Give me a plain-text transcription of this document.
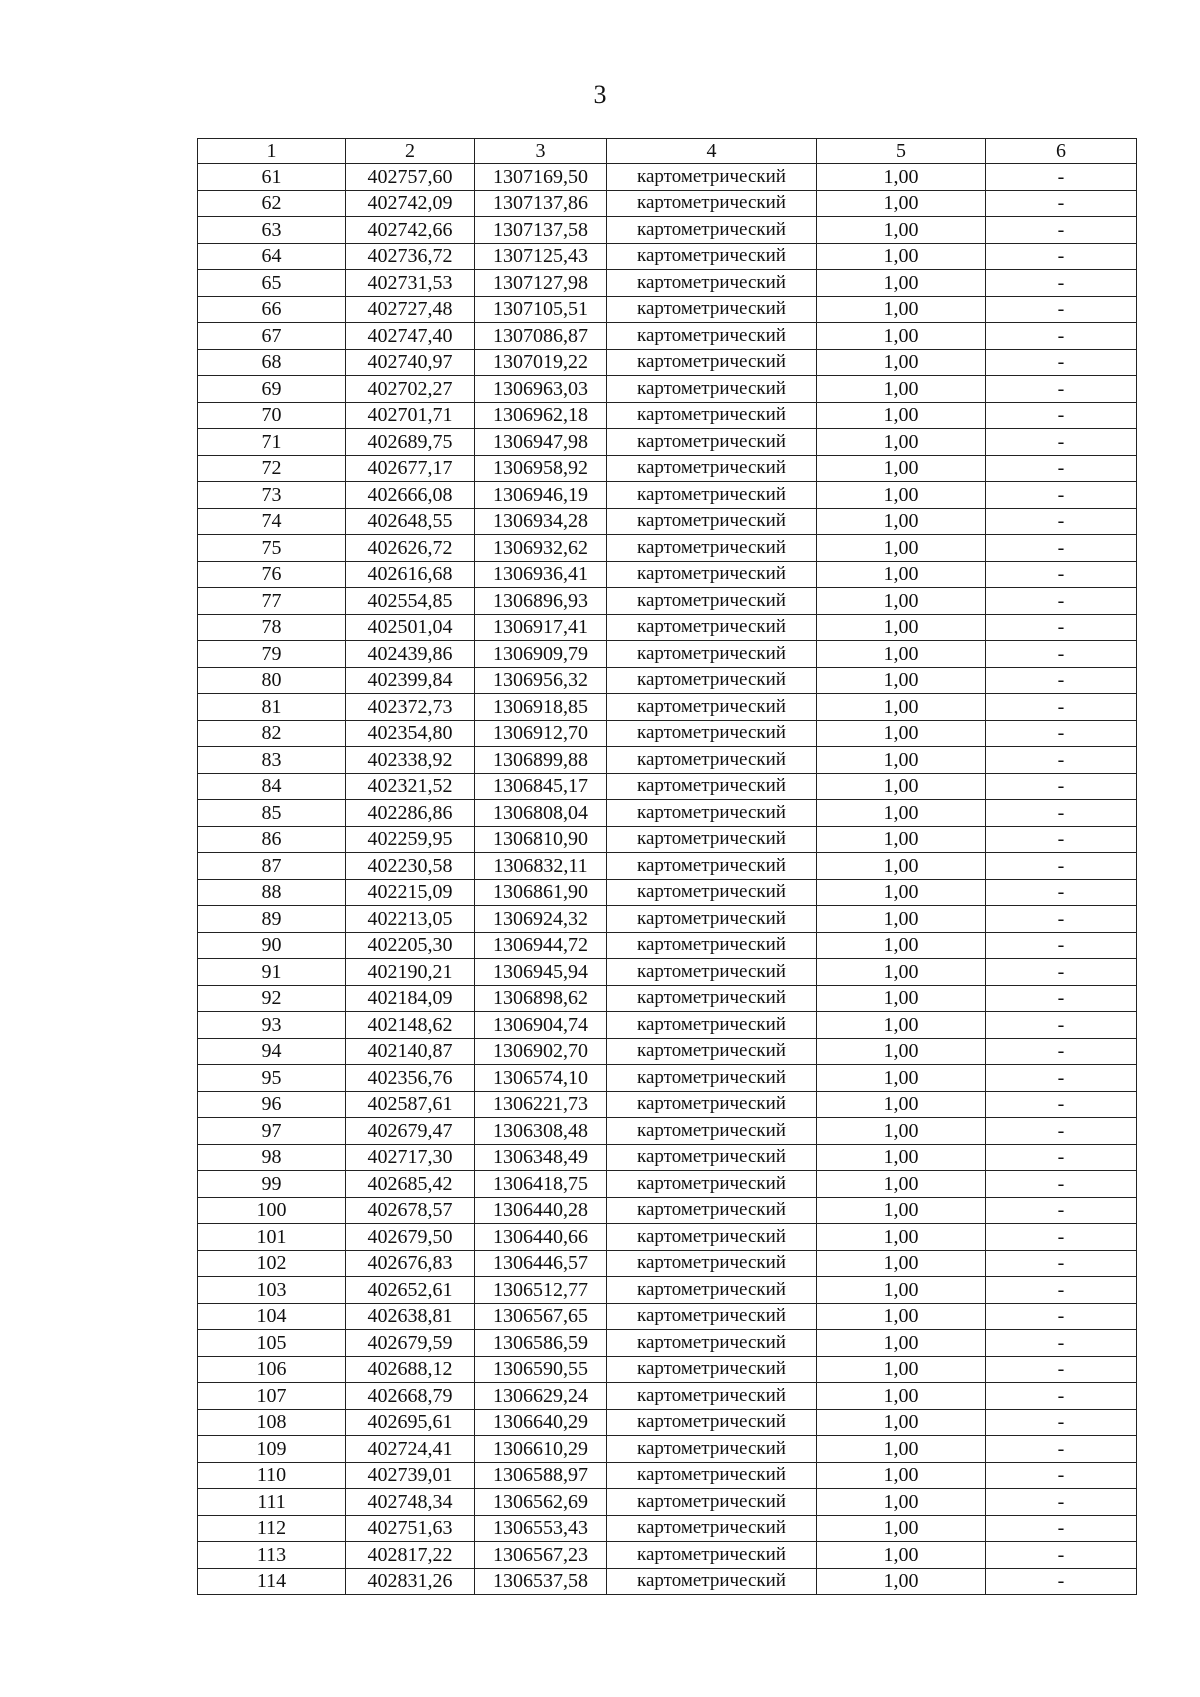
3
1	2	3	4	5	6
61	402757,60	1307169,50	картометрический	1,00	-
62	402742,09	1307137,86	картометрический	1,00	-
63	402742,66	1307137,58	картометрический	1,00	-
64	402736,72	1307125,43	картометрический	1,00	-
65	402731,53	1307127,98	картометрический	1,00	-
66	402727,48	1307105,51	картометрический	1,00	-
67	402747,40	1307086,87	картометрический	1,00	-
68	402740,97	1307019,22	картометрический	1,00	-
69	402702,27	1306963,03	картометрический	1,00	-
70	402701,71	1306962,18	картометрический	1,00	-
71	402689,75	1306947,98	картометрический	1,00	-
72	402677,17	1306958,92	картометрический	1,00	-
73	402666,08	1306946,19	картометрический	1,00	-
74	402648,55	1306934,28	картометрический	1,00	-
75	402626,72	1306932,62	картометрический	1,00	-
76	402616,68	1306936,41	картометрический	1,00	-
77	402554,85	1306896,93	картометрический	1,00	-
78	402501,04	1306917,41	картометрический	1,00	-
79	402439,86	1306909,79	картометрический	1,00	-
80	402399,84	1306956,32	картометрический	1,00	-
81	402372,73	1306918,85	картометрический	1,00	-
82	402354,80	1306912,70	картометрический	1,00	-
83	402338,92	1306899,88	картометрический	1,00	-
84	402321,52	1306845,17	картометрический	1,00	-
85	402286,86	1306808,04	картометрический	1,00	-
86	402259,95	1306810,90	картометрический	1,00	-
87	402230,58	1306832,11	картометрический	1,00	-
88	402215,09	1306861,90	картометрический	1,00	-
89	402213,05	1306924,32	картометрический	1,00	-
90	402205,30	1306944,72	картометрический	1,00	-
91	402190,21	1306945,94	картометрический	1,00	-
92	402184,09	1306898,62	картометрический	1,00	-
93	402148,62	1306904,74	картометрический	1,00	-
94	402140,87	1306902,70	картометрический	1,00	-
95	402356,76	1306574,10	картометрический	1,00	-
96	402587,61	1306221,73	картометрический	1,00	-
97	402679,47	1306308,48	картометрический	1,00	-
98	402717,30	1306348,49	картометрический	1,00	-
99	402685,42	1306418,75	картометрический	1,00	-
100	402678,57	1306440,28	картометрический	1,00	-
101	402679,50	1306440,66	картометрический	1,00	-
102	402676,83	1306446,57	картометрический	1,00	-
103	402652,61	1306512,77	картометрический	1,00	-
104	402638,81	1306567,65	картометрический	1,00	-
105	402679,59	1306586,59	картометрический	1,00	-
106	402688,12	1306590,55	картометрический	1,00	-
107	402668,79	1306629,24	картометрический	1,00	-
108	402695,61	1306640,29	картометрический	1,00	-
109	402724,41	1306610,29	картометрический	1,00	-
110	402739,01	1306588,97	картометрический	1,00	-
111	402748,34	1306562,69	картометрический	1,00	-
112	402751,63	1306553,43	картометрический	1,00	-
113	402817,22	1306567,23	картометрический	1,00	-
114	402831,26	1306537,58	картометрический	1,00	-
